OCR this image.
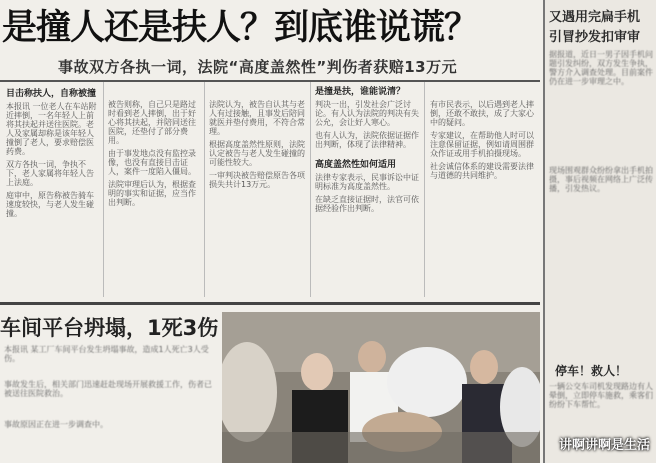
是撞人还是扶人？到底谁说谎？
事故双方各执一词，法院“高度盖然性”判伤者获赔13万元
目击称扶人，自称被撞

本报讯 一位老人在车站附近摔倒，一名年轻人上前将其扶起并送往医院。老人及家属却称是该年轻人撞倒了老人，要求赔偿医药费。

双方各执一词，争执不下，老人家属将年轻人告上法庭。

庭审中，原告称被告骑车速度较快，与老人发生碰撞。

被告则称，自己只是路过时看到老人摔倒，出于好心将其扶起，并陪同送往医院，还垫付了部分费用。

由于事发地点没有监控录像，也没有直接目击证人，案件一度陷入僵局。

法院审理后认为，根据查明的事实和证据，应当作出判断。

法院认为，被告自认其与老人有过接触，且事发后陪同就医并垫付费用，不符合常理。

根据高度盖然性原则，法院认定被告与老人发生碰撞的可能性较大。

一审判决被告赔偿原告各项损失共计13万元。

是撞是扶，谁能说清？

判决一出，引发社会广泛讨论。有人认为法院的判决有失公允，会让好人寒心。

也有人认为，法院依据证据作出判断，体现了法律精神。

高度盖然性如何适用

法律专家表示，民事诉讼中证明标准为高度盖然性。

在缺乏直接证据时，法官可依据经验作出判断。

有市民表示，以后遇到老人摔倒，还敢不敢扶，成了大家心中的疑问。

专家建议，在帮助他人时可以注意保留证据，例如请周围群众作证或用手机拍摄现场。

社会诚信体系的建设需要法律与道德的共同维护。

车间平台坍塌，1死3伤
本报讯 某工厂车间平台发生坍塌事故，造成1人死亡3人受伤。
事故发生后，相关部门迅速赶赴现场开展救援工作，伤者已被送往医院救治。
事故原因正在进一步调查中。
又遇用完扁手机
引冒抄发扣审审
据报道，近日一男子因手机问题引发纠纷，双方发生争执，警方介入调查处理。目前案件仍在进一步审理之中。
现场围观群众纷纷拿出手机拍摄，事后视频在网络上广泛传播，引发热议。
停车！救人！
一辆公交车司机发现路边有人晕倒，立即停车施救，乘客们纷纷下车帮忙。
讲啊讲啊是生活
